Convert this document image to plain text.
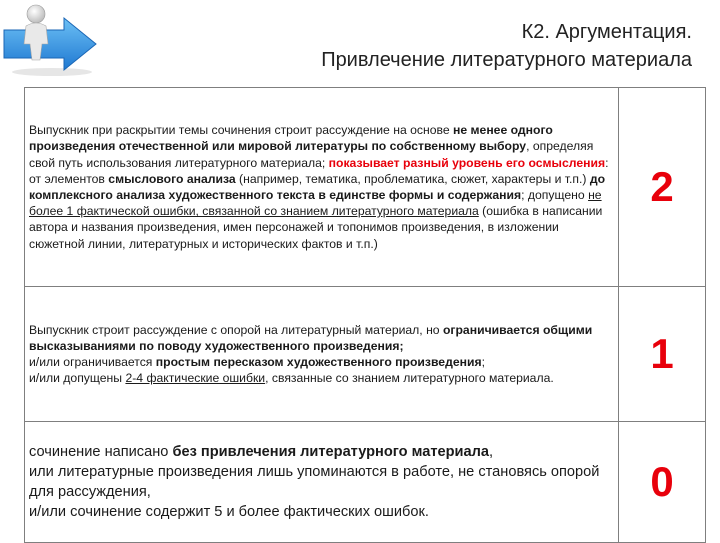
К2. Аргументация.
Привлечение литературного материала
Выпускник при раскрытии темы сочинения строит рассуждение на основе не менее одного произведения отечественной или мировой литературы по собственному выбору, определяя свой путь использования литературного материала; показывает разный уровень его осмысления: от элементов смыслового анализа (например, тематика, проблематика, сюжет, характеры и т.п.) до комплексного анализа художественного текста в единстве формы и содержания; допущено не более 1 фактической ошибки, связанной со знанием литературного материала (ошибка в написании автора и названия произведения, имен персонажей и топонимов произведения, в изложении сюжетной линии, литературных и исторических фактов и т.п.)	2
Выпускник строит рассуждение с опорой на литературный материал, но ограничивается общими высказываниями по поводу художественного произведения;
и/или ограничивается простым пересказом художественного произведения;
и/или допущены 2-4 фактические ошибки, связанные со знанием литературного материала.	1
сочинение написано без привлечения литературного материала,
или литературные произведения лишь упоминаются в работе, не становясь опорой для рассуждения,
и/или сочинение содержит 5 и более фактических ошибок.	0
